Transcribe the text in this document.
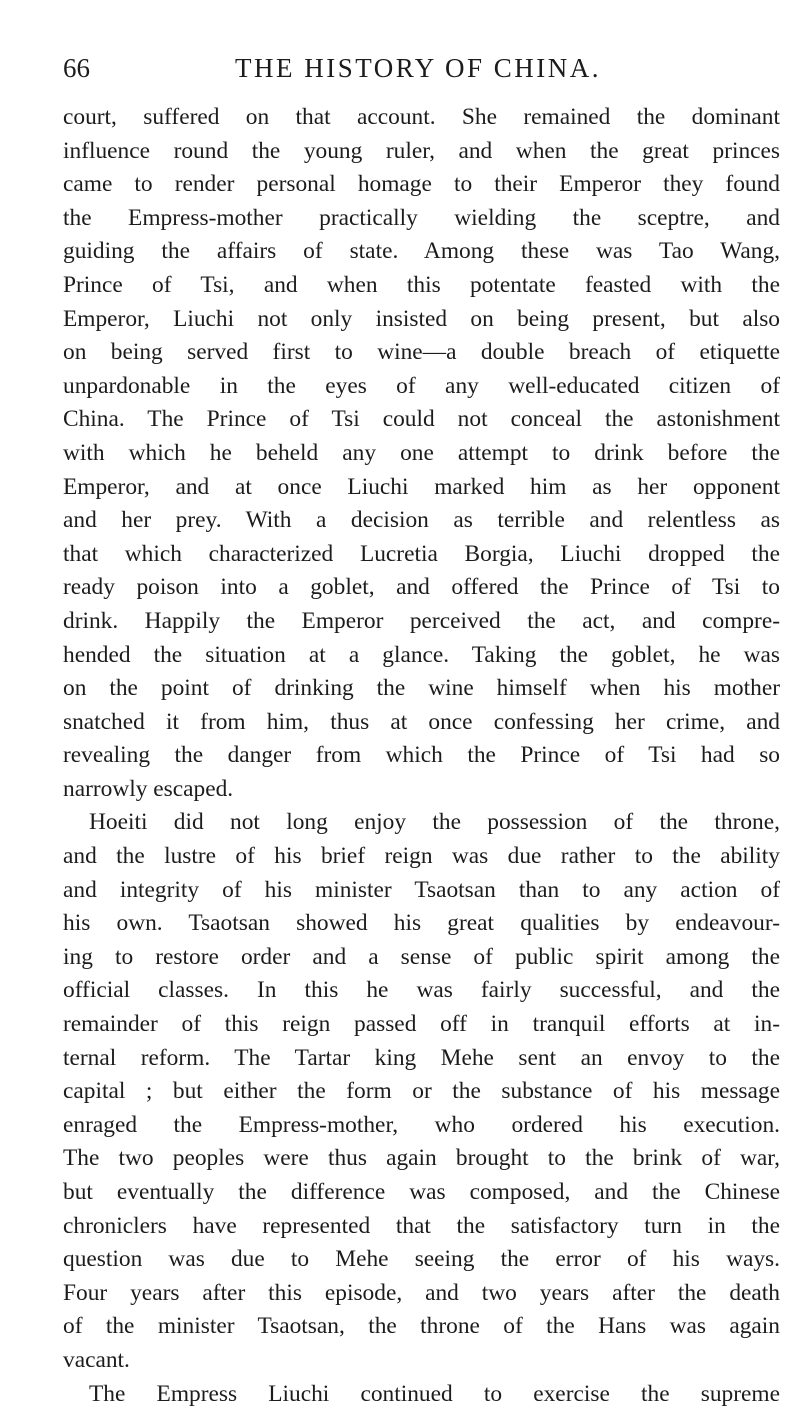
66	THE HISTORY OF CHINA.
court, suffered on that account. She remained the dominant
influence round the young ruler, and when the great princes
came to render personal homage to their Emperor they found
the Empress-mother practically wielding the sceptre, and
guiding the affairs of state. Among these was Tao Wang,
Prince of Tsi, and when this potentate feasted with the
Emperor, Liuchi not only insisted on being present, but also
on being served first to wine—a double breach of etiquette
unpardonable in the eyes of any well-educated citizen of
China. The Prince of Tsi could not conceal the astonishment
with which he beheld any one attempt to drink before the
Emperor, and at once Liuchi marked him as her opponent
and her prey. With a decision as terrible and relentless as
that which characterized Lucretia Borgia, Liuchi dropped the
ready poison into a goblet, and offered the Prince of Tsi to
drink. Happily the Emperor perceived the act, and compre-
hended the situation at a glance. Taking the goblet, he was
on the point of drinking the wine himself when his mother
snatched it from him, thus at once confessing her crime, and
revealing the danger from which the Prince of Tsi had so
narrowly escaped.
Hoeiti did not long enjoy the possession of the throne,
and the lustre of his brief reign was due rather to the ability
and integrity of his minister Tsaotsan than to any action of
his own. Tsaotsan showed his great qualities by endeavour-
ing to restore order and a sense of public spirit among the
official classes. In this he was fairly successful, and the
remainder of this reign passed off in tranquil efforts at in-
ternal reform. The Tartar king Mehe sent an envoy to the
capital ; but either the form or the substance of his message
enraged the Empress-mother, who ordered his execution.
The two peoples were thus again brought to the brink of war,
but eventually the difference was composed, and the Chinese
chroniclers have represented that the satisfactory turn in the
question was due to Mehe seeing the error of his ways.
Four years after this episode, and two years after the death
of the minister Tsaotsan, the throne of the Hans was again
vacant.
The Empress Liuchi continued to exercise the supreme
